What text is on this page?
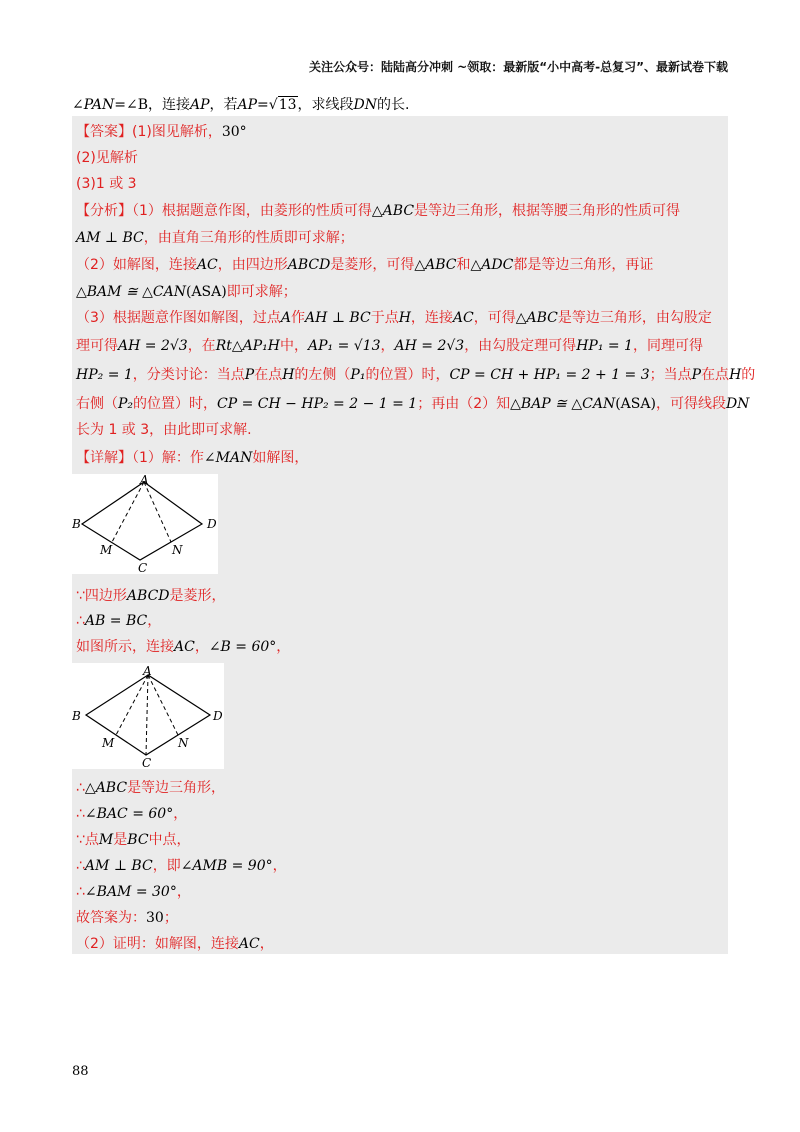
关注公众号：陆陆高分冲刺 ~领取：最新版“小中高考-总复习”、最新试卷下载
∠PAN=∠B，连接AP，若AP=√13，求线段DN的长.
【答案】(1)图见解析，30°
(2)见解析
(3)1 或 3
【分析】（1）根据题意作图，由菱形的性质可得△ABC是等边三角形，根据等腰三角形的性质可得
AM ⊥ BC，由直角三角形的性质即可求解；
（2）如解图，连接AC，由四边形ABCD是菱形，可得△ABC和△ADC都是等边三角形，再证
△BAM ≅ △CAN(ASA)即可求解；
（3）根据题意作图如解图，过点A作AH ⊥ BC于点H，连接AC，可得△ABC是等边三角形，由勾股定
理可得AH = 2√3，在Rt△AP₁H中，AP₁ = √13，AH = 2√3，由勾股定理可得HP₁ = 1，同理可得
HP₂ = 1，分类讨论：当点P在点H的左侧（P₁的位置）时，CP = CH + HP₁ = 2 + 1 = 3；当点P在点H的
右侧（P₂的位置）时，CP = CH − HP₂ = 2 − 1 = 1；再由（2）知△BAP ≅ △CAN(ASA)，可得线段DN
长为 1 或 3，由此即可求解.
【详解】（1）解：作∠MAN如解图，
A
B
C
D
M	N
∵四边形ABCD是菱形，
∴AB = BC，
如图所示，连接AC，∠B = 60°，
A
B
C
D
M	N
∴△ABC是等边三角形，
∴∠BAC = 60°，
∵点M是BC中点，
∴AM ⊥ BC，即∠AMB = 90°，
∴∠BAM = 30°，
故答案为：30；
（2）证明：如解图，连接AC，
88
